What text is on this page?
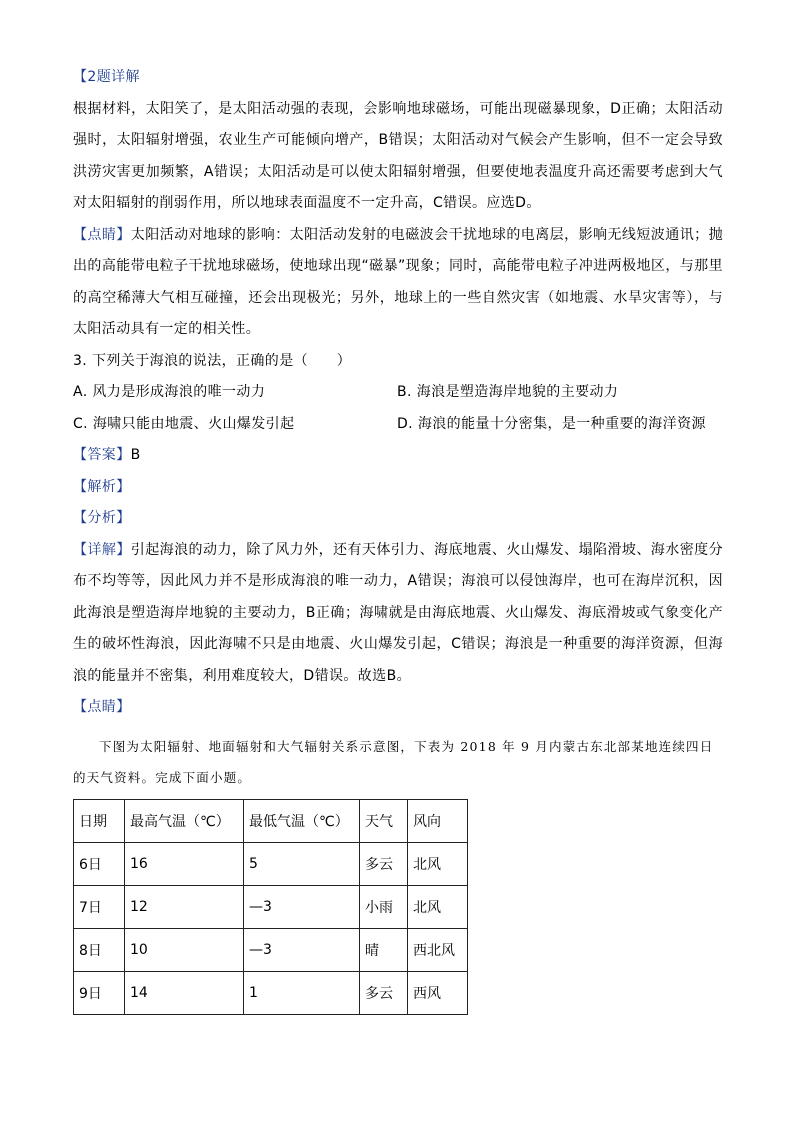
【2题详解

根据材料，太阳笑了，是太阳活动强的表现，会影响地球磁场，可能出现磁暴现象，D正确；太阳活动强时，太阳辐射增强，农业生产可能倾向增产，B错误；太阳活动对气候会产生影响，但不一定会导致洪涝灾害更加频繁，A错误；太阳活动是可以使太阳辐射增强，但要使地表温度升高还需要考虑到大气对太阳辐射的削弱作用，所以地球表面温度不一定升高，C错误。应选D。

【点睛】太阳活动对地球的影响：太阳活动发射的电磁波会干扰地球的电离层，影响无线短波通讯；抛出的高能带电粒子干扰地球磁场，使地球出现“磁暴”现象；同时，高能带电粒子冲进两极地区，与那里的高空稀薄大气相互碰撞，还会出现极光；另外，地球上的一些自然灾害（如地震、水旱灾害等），与太阳活动具有一定的相关性。

3. 下列关于海浪的说法，正确的是（　　）

A. 风力是形成海浪的唯一动力	B. 海浪是塑造海岸地貌的主要动力

C. 海啸只能由地震、火山爆发引起	D. 海浪的能量十分密集，是一种重要的海洋资源

【答案】B

【解析】

【分析】

【详解】引起海浪的动力，除了风力外，还有天体引力、海底地震、火山爆发、塌陷滑坡、海水密度分布不均等等，因此风力并不是形成海浪的唯一动力，A错误；海浪可以侵蚀海岸，也可在海岸沉积，因此海浪是塑造海岸地貌的主要动力，B正确；海啸就是由海底地震、火山爆发、海底滑坡或气象变化产生的破坏性海浪，因此海啸不只是由地震、火山爆发引起，C错误；海浪是一种重要的海洋资源，但海浪的能量并不密集，利用难度较大，D错误。故选B。

【点睛】

下图为太阳辐射、地面辐射和大气辐射关系示意图，下表为 2018 年 9 月内蒙古东北部某地连续四日的天气资料。完成下面小题。

日期	最高气温（℃）	最低气温（℃）	天气	风向
6日	16	5	多云	北风
7日	12	—3	小雨	北风
8日	10	—3	晴	西北风
9日	14	1	多云	西风
